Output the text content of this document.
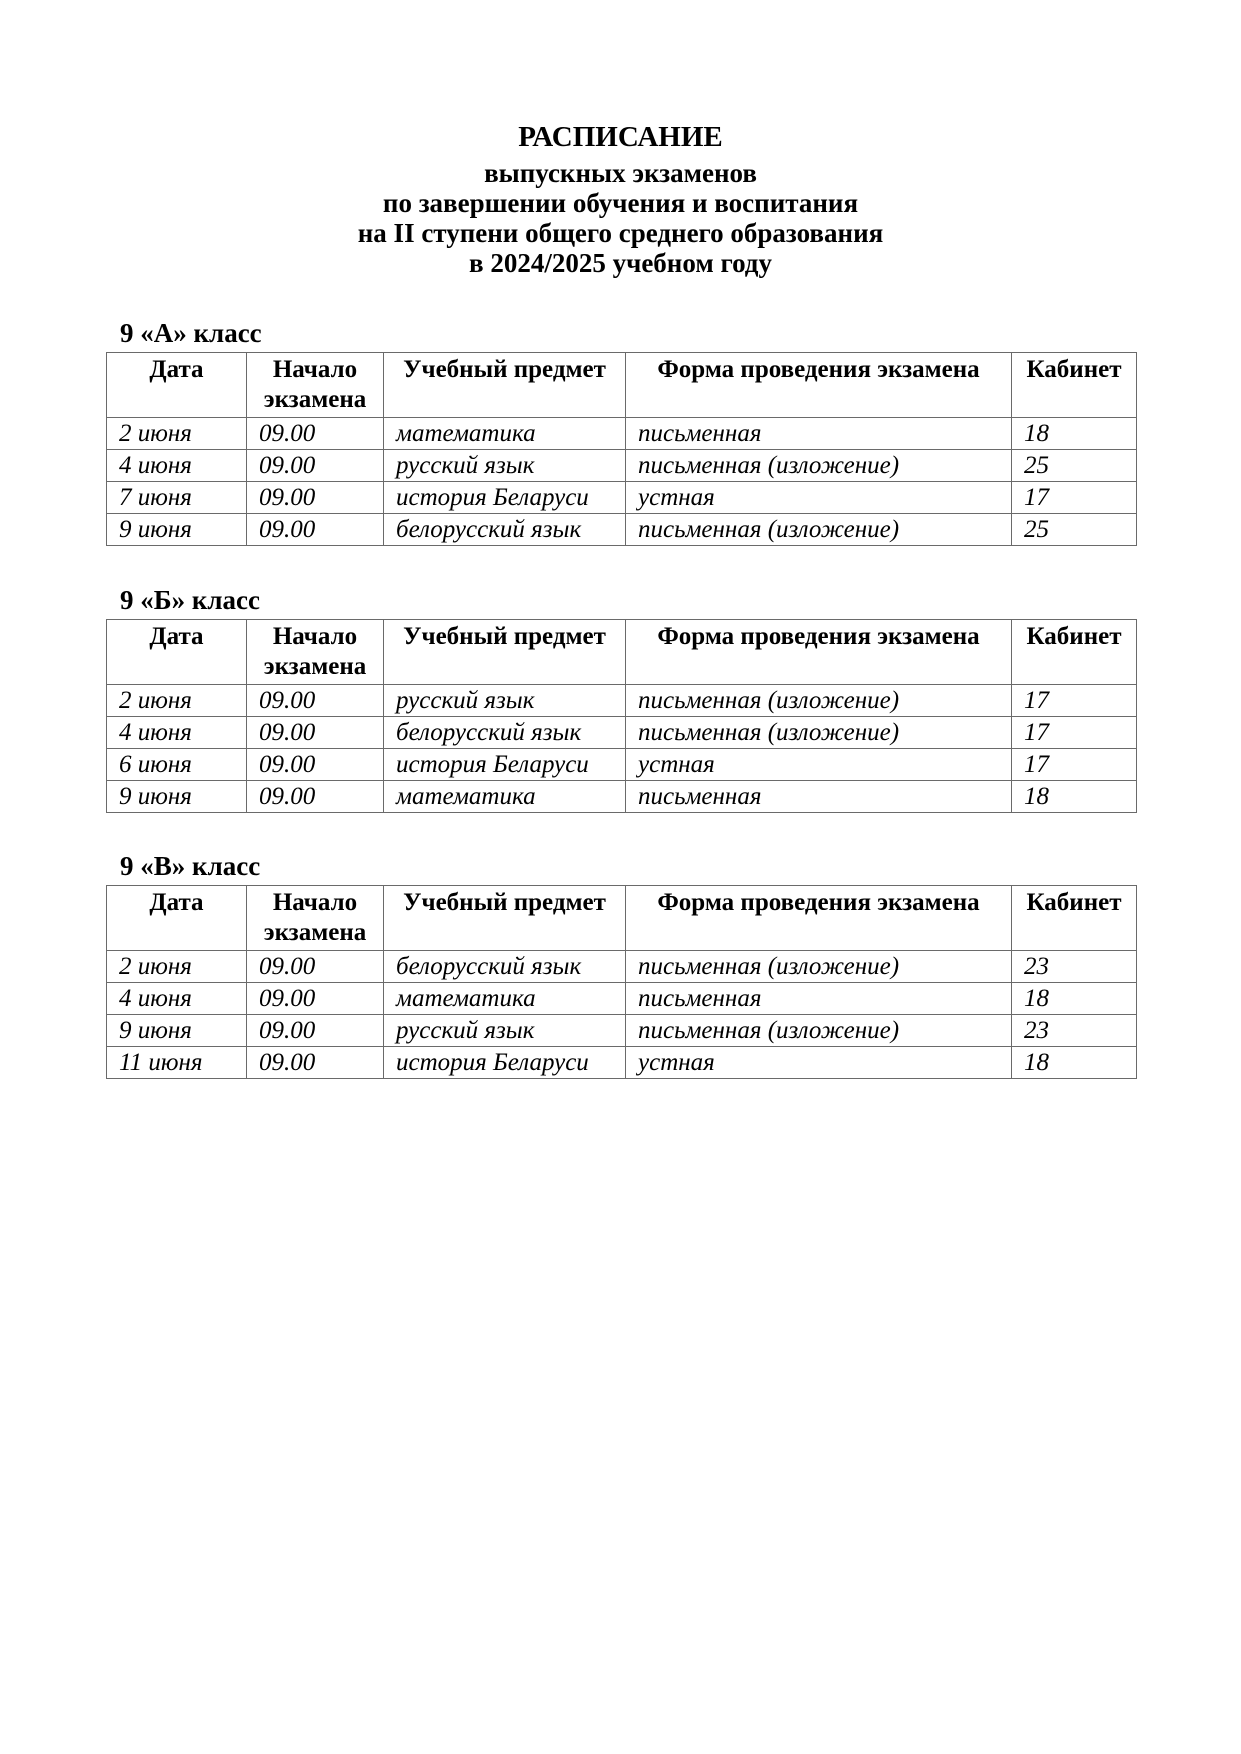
РАСПИСАНИЕ
выпускных экзаменов
по завершении обучения и воспитания
на II ступени общего среднего образования
в 2024/2025 учебном году
9 «А» класс
Дата	Начало экзамена	Учебный предмет	Форма проведения экзамена	Кабинет
2 июня	09.00	математика	письменная	18
4 июня	09.00	русский язык	письменная (изложение)	25
7 июня	09.00	история Беларуси	устная	17
9 июня	09.00	белорусский язык	письменная (изложение)	25
9 «Б» класс
Дата	Начало экзамена	Учебный предмет	Форма проведения экзамена	Кабинет
2 июня	09.00	русский язык	письменная (изложение)	17
4 июня	09.00	белорусский язык	письменная (изложение)	17
6 июня	09.00	история Беларуси	устная	17
9 июня	09.00	математика	письменная	18
9 «В» класс
Дата	Начало экзамена	Учебный предмет	Форма проведения экзамена	Кабинет
2 июня	09.00	белорусский язык	письменная (изложение)	23
4 июня	09.00	математика	письменная	18
9 июня	09.00	русский язык	письменная (изложение)	23
11 июня	09.00	история Беларуси	устная	18
